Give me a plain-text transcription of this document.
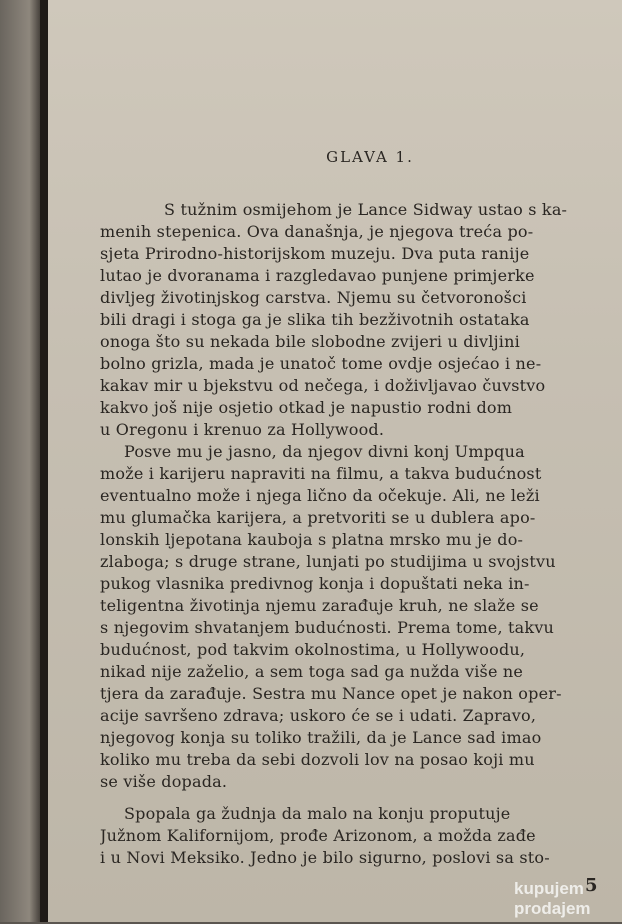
GLAVA 1.
S tužnim osmijehom je Lance Sidway ustao s ka-
menih stepenica. Ova današnja, je njegova treća po-
sjeta Prirodno-historijskom muzeju. Dva puta ranije
lutao je dvoranama i razgledavao punjene primjerke
divljeg životinjskog carstva. Njemu su četvoronošci
bili dragi i stoga ga je slika tih bezživotnih ostataka
onoga što su nekada bile slobodne zvijeri u divljini
bolno grizla, mada je unatoč tome ovdje osjećao i ne-
kakav mir u bjekstvu od nečega, i doživljavao čuvstvo
kakvo još nije osjetio otkad je napustio rodni dom
u Oregonu i krenuo za Hollywood.
Posve mu je jasno, da njegov divni konj Umpqua
može i karijeru napraviti na filmu, a takva budućnost
eventualno može i njega lično da očekuje. Ali, ne leži
mu glumačka karijera, a pretvoriti se u dublera apo-
lonskih ljepotana kauboja s platna mrsko mu je do-
zlaboga; s druge strane, lunjati po studijima u svojstvu
pukog vlasnika predivnog konja i dopuštati neka in-
teligentna životinja njemu zarađuje kruh, ne slaže se
s njegovim shvatanjem budućnosti. Prema tome, takvu
budućnost, pod takvim okolnostima, u Hollywoodu,
nikad nije zaželio, a sem toga sad ga nužda više ne
tjera da zarađuje. Sestra mu Nance opet je nakon oper-
acije savršeno zdrava; uskoro će se i udati. Zapravo,
njegovog konja su toliko tražili, da je Lance sad imao
koliko mu treba da sebi dozvoli lov na posao koji mu
se više dopada.
Spopala ga žudnja da malo na konju proputuje
Južnom Kalifornijom, prođe Arizonom, a možda zađe
i u Novi Meksiko. Jedno je bilo sigurno, poslovi sa sto-
5
kupujem
prodajem
